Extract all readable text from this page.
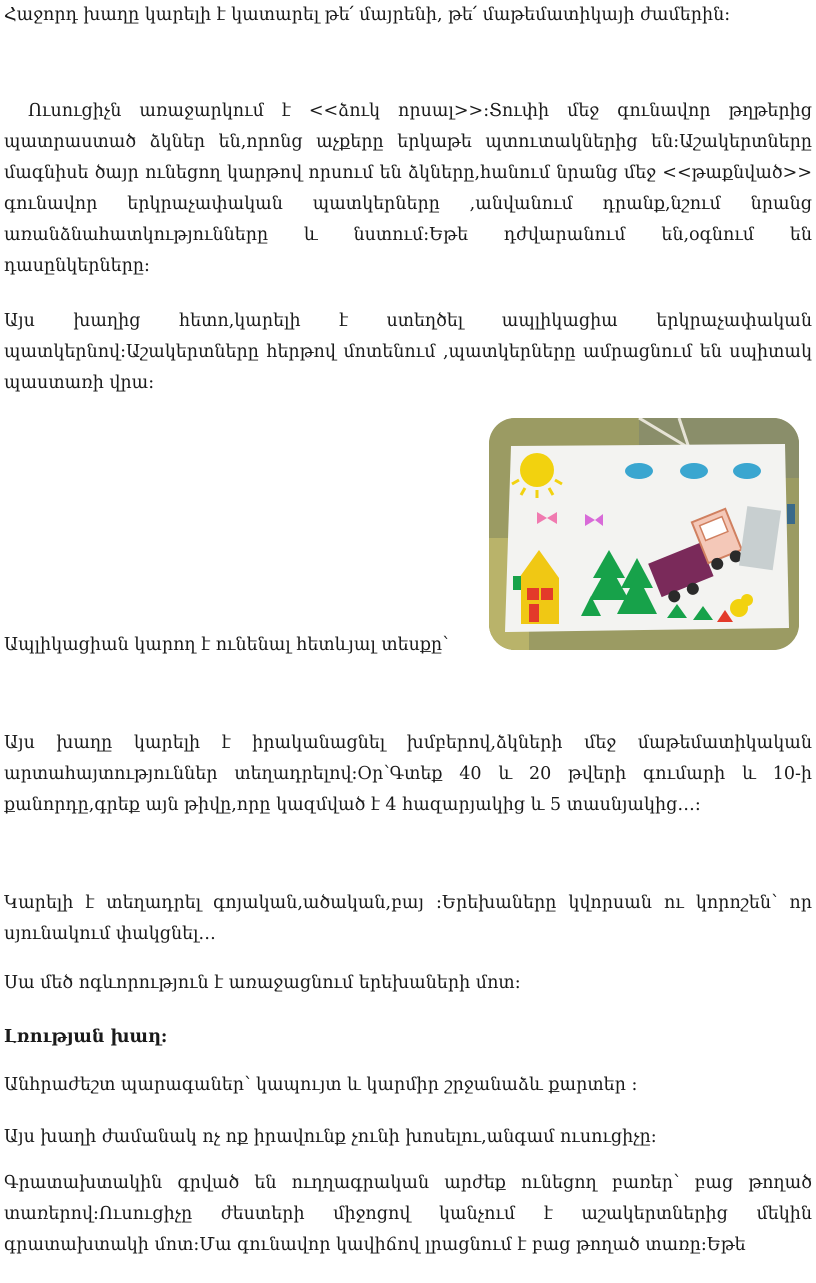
Հաջորդ խաղը կարելի է կատարել թե՛ մայրենի, թե՛ մաթեմատիկայի ժամերին:

Ուսուցիչն առաջարկում է <<ձուկ որսալ>>:Տուփի մեջ գունավոր թղթերից պատրաստած ձկներ են,որոնց աչքերը երկաթե պտուտակներից են:Աշակերտները մագնիսե ծայր ունեցող կարթով որսում են ձկները,հանում նրանց մեջ <<թաքնված>> գունավոր երկրաչափական պատկերները ,անվանում դրանք,նշում նրանց առանձնահատկությունները և նստում:Եթե դժվարանում են,օգնում են դասընկերները:

Այս խաղից հետո,կարելի է ստեղծել ապլիկացիա երկրաչափական պատկերնով:Աշակերտները հերթով մոտենում ,պատկերները ամրացնում են սպիտակ պաստառի վրա:

Ապլիկացիան կարող է ունենալ հետևյալ տեսքը՝

Այս խաղը կարելի է իրականացնել խմբերով,ձկների մեջ մաթեմատիկական արտահայտություններ տեղադրելով:Օր՝Գտեք 40 և 20 թվերի գումարի և 10-ի քանորդը,գրեք այն թիվը,որը կազմված է 4 հազարյակից և 5 տասնյակից…:

Կարելի է տեղադրել գոյական,ածական,բայ :Երեխաները կվորսան ու կորոշեն՝ որ սյունակում փակցնել…

Սա մեծ ոգևորություն է առաջացնում երեխաների մոտ:

Լռության խաղ:

Անհրաժեշտ պարագաներ՝ կապույտ և կարմիր շրջանաձև քարտեր :

Այս խաղի ժամանակ ոչ ոք իրավունք չունի խոսելու,անգամ ուսուցիչը:

Գրատախտակին գրված են ուղղագրական արժեք ունեցող բառեր՝ բաց թողած տառերով:Ուսուցիչը ժեստերի միջոցով կանչում է աշակերտներից մեկին գրատախտակի մոտ:Մա գունավոր կավիճով լրացնում է բաց թողած տառը:Եթե
